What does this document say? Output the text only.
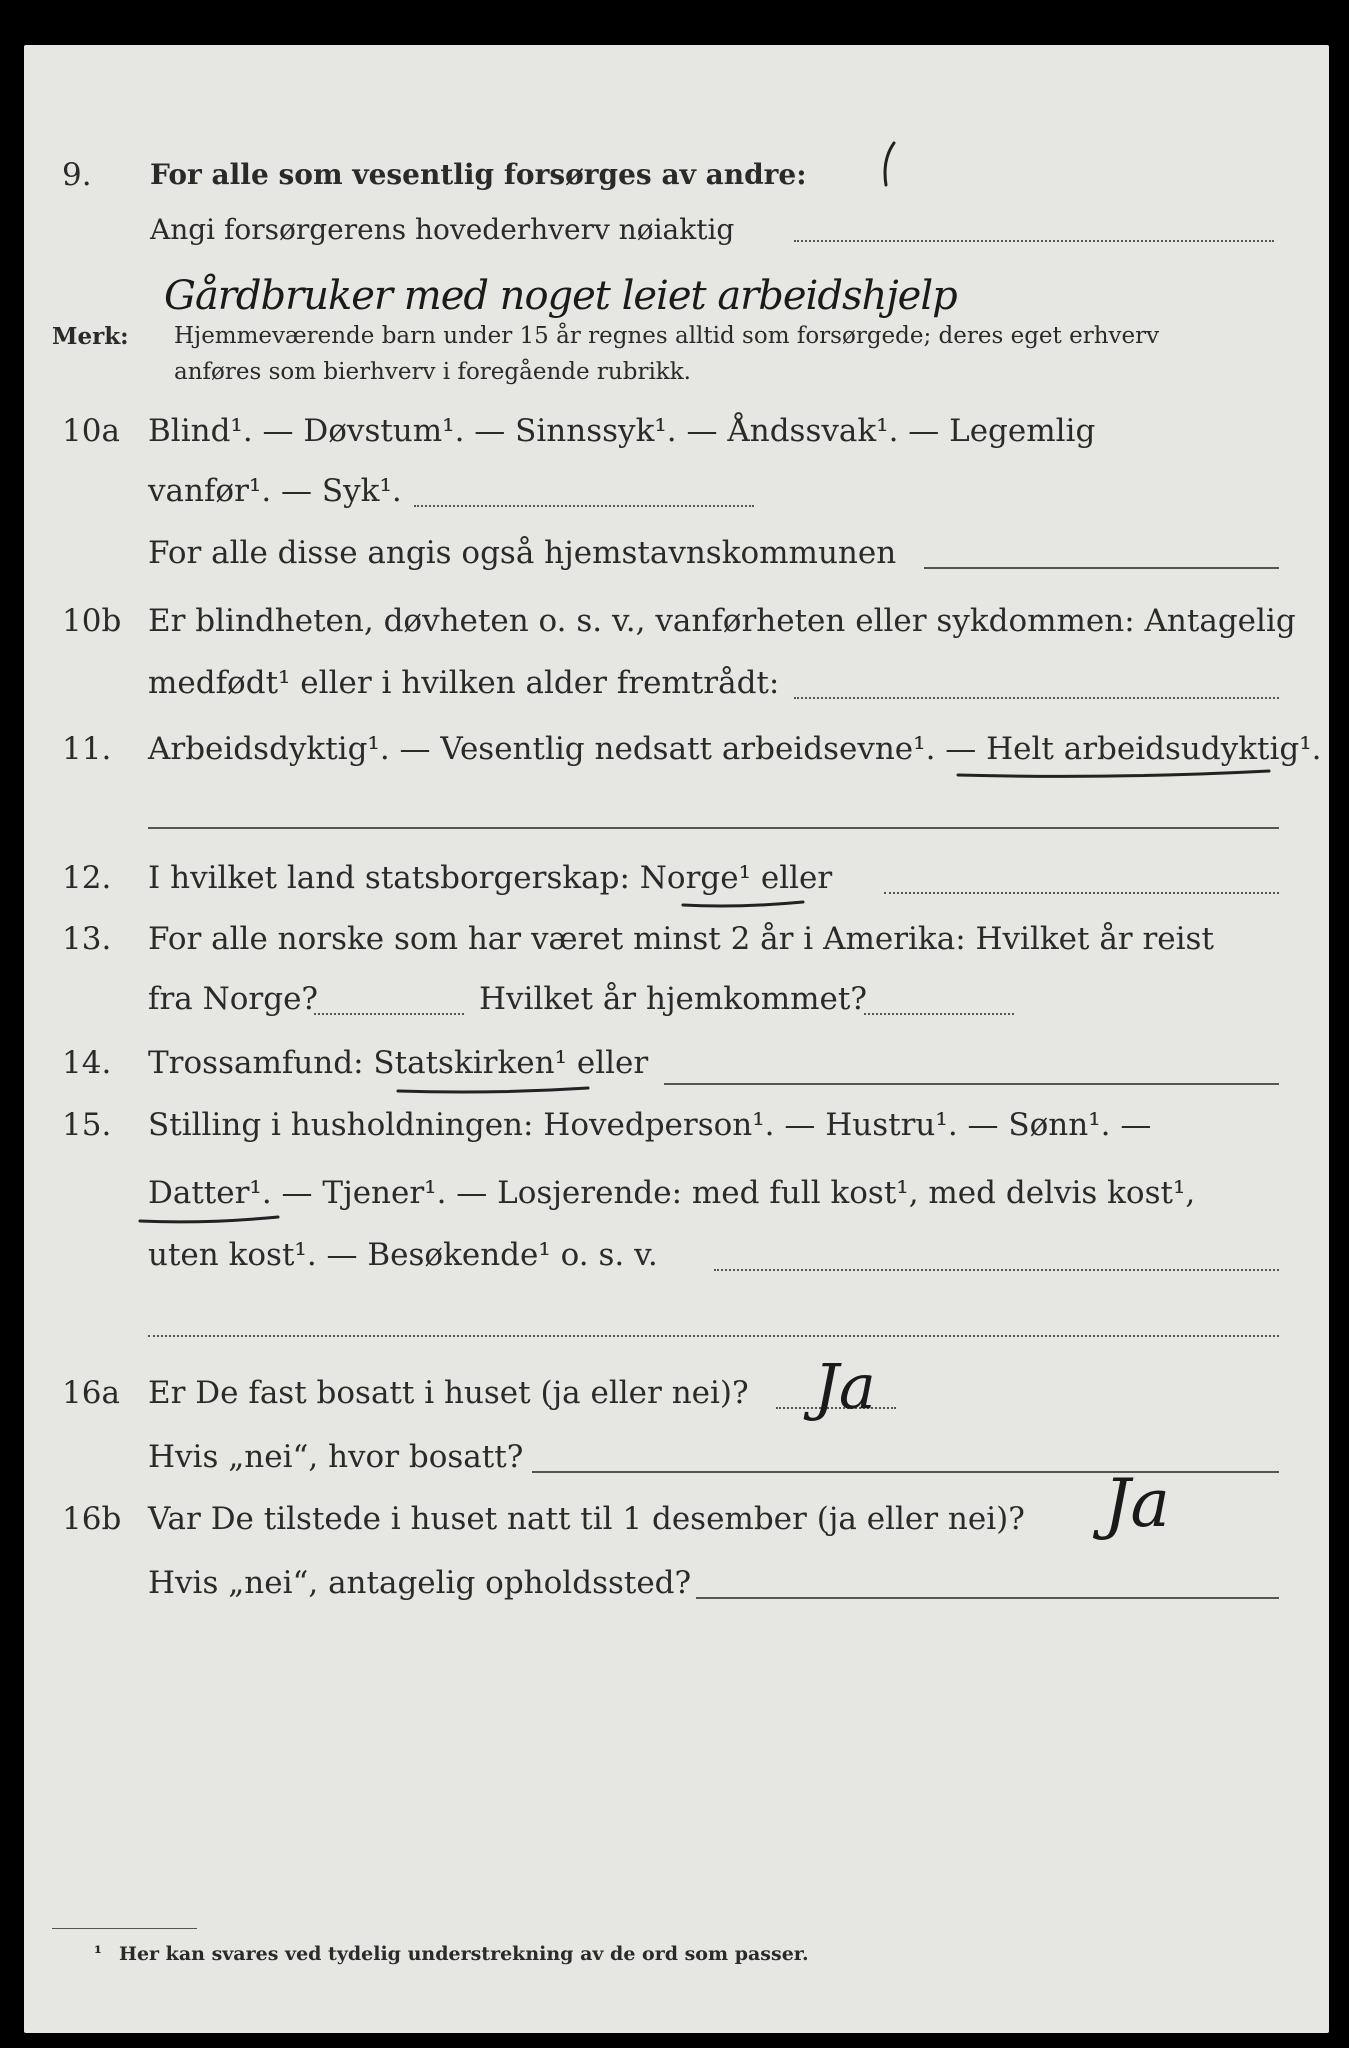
9. For alle som vesentlig forsørges av andre:
Angi forsørgerens hovederhverv nøiaktig
Gårdbruker med noget leiet arbeidshjelp
Merk: Hjemmeværende barn under 15 år regnes alltid som forsørgede; deres eget erhverv
anføres som bierhverv i foregående rubrikk.
10a Blind¹. — Døvstum¹. — Sinnssyk¹. — Åndssvak¹. — Legemlig
vanfør¹. — Syk¹.
For alle disse angis også hjemstavnskommunen
10b Er blindheten, døvheten o. s. v., vanførheten eller sykdommen: Antagelig
medfødt¹ eller i hvilken alder fremtrådt:
11. Arbeidsdyktig¹. — Vesentlig nedsatt arbeidsevne¹. — Helt arbeidsudyktig¹.
12. I hvilket land statsborgerskap: Norge¹ eller
13. For alle norske som har været minst 2 år i Amerika: Hvilket år reist
fra Norge?	Hvilket år hjemkommet?
14. Trossamfund: Statskirken¹ eller
15. Stilling i husholdningen: Hovedperson¹. — Hustru¹. — Sønn¹. —
Datter¹. — Tjener¹. — Losjerende: med full kost¹, med delvis kost¹,
uten kost¹. — Besøkende¹ o. s. v.
16a Er De fast bosatt i huset (ja eller nei)? Ja
Hvis „nei“, hvor bosatt?
16b Var De tilstede i huset natt til 1 desember (ja eller nei)? Ja
Hvis „nei“, antagelig opholdssted?
¹ Her kan svares ved tydelig understrekning av de ord som passer.
